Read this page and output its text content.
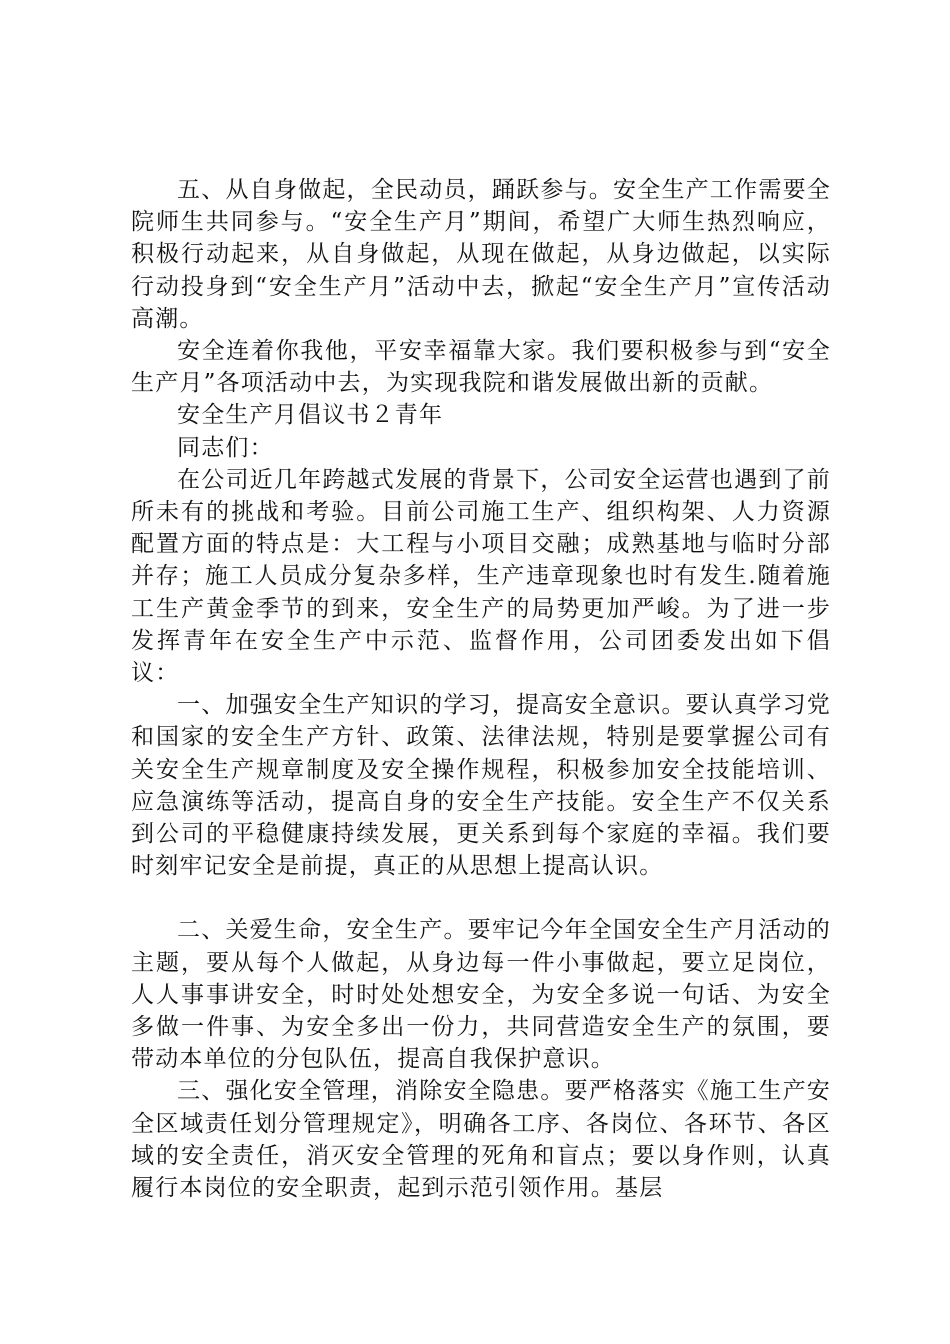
五、从自身做起，全民动员，踊跃参与。安全生产工作需要全院师生共同参与。“安全生产月”期间，希望广大师生热烈响应，积极行动起来，从自身做起，从现在做起，从身边做起，以实际行动投身到“安全生产月”活动中去，掀起“安全生产月”宣传活动高潮。

安全连着你我他，平安幸福靠大家。我们要积极参与到“安全生产月”各项活动中去，为实现我院和谐发展做出新的贡献。

安全生产月倡议书２青年

同志们：

在公司近几年跨越式发展的背景下，公司安全运营也遇到了前所未有的挑战和考验。目前公司施工生产、组织构架、人力资源配置方面的特点是：大工程与小项目交融；成熟基地与临时分部并存；施工人员成分复杂多样，生产违章现象也时有发生.随着施工生产黄金季节的到来，安全生产的局势更加严峻。为了进一步发挥青年在安全生产中示范、监督作用，公司团委发出如下倡议：

一、加强安全生产知识的学习，提高安全意识。要认真学习党和国家的安全生产方针、政策、法律法规，特别是要掌握公司有关安全生产规章制度及安全操作规程，积极参加安全技能培训、应急演练等活动，提高自身的安全生产技能。安全生产不仅关系到公司的平稳健康持续发展，更关系到每个家庭的幸福。我们要时刻牢记安全是前提，真正的从思想上提高认识。

二、关爱生命，安全生产。要牢记今年全国安全生产月活动的主题，要从每个人做起，从身边每一件小事做起，要立足岗位，人人事事讲安全，时时处处想安全，为安全多说一句话、为安全多做一件事、为安全多出一份力，共同营造安全生产的氛围，要带动本单位的分包队伍，提高自我保护意识。

三、强化安全管理，消除安全隐患。要严格落实《施工生产安全区域责任划分管理规定》，明确各工序、各岗位、各环节、各区域的安全责任，消灭安全管理的死角和盲点；要以身作则，认真履行本岗位的安全职责，起到示范引领作用。基层
